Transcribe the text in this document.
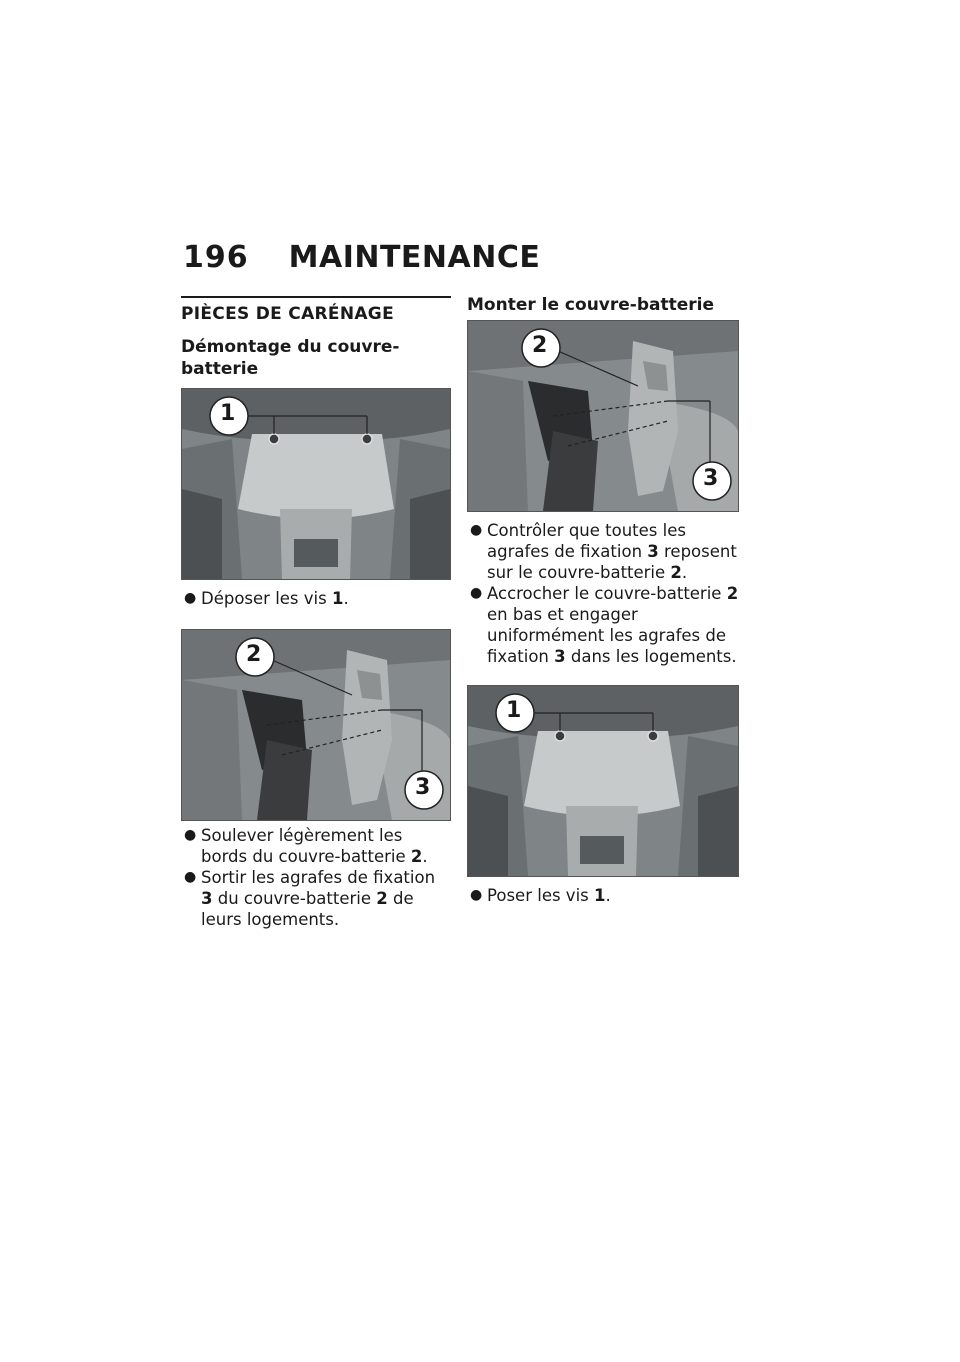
196 MAINTENANCE
PIÈCES DE CARÉNAGE
Démontage du couvre-batterie
1
● Déposer les vis 1.
2
3
● Soulever légèrement les bords du couvre-batterie 2.
● Sortir les agrafes de fixation 3 du couvre-batterie 2 de leurs logements.
Monter le couvre-batterie
2
3
● Contrôler que toutes les agrafes de fixation 3 reposent sur le couvre-batterie 2.
● Accrocher le couvre-batterie 2 en bas et engager uniformément les agrafes de fixation 3 dans les logements.
1
● Poser les vis 1.
